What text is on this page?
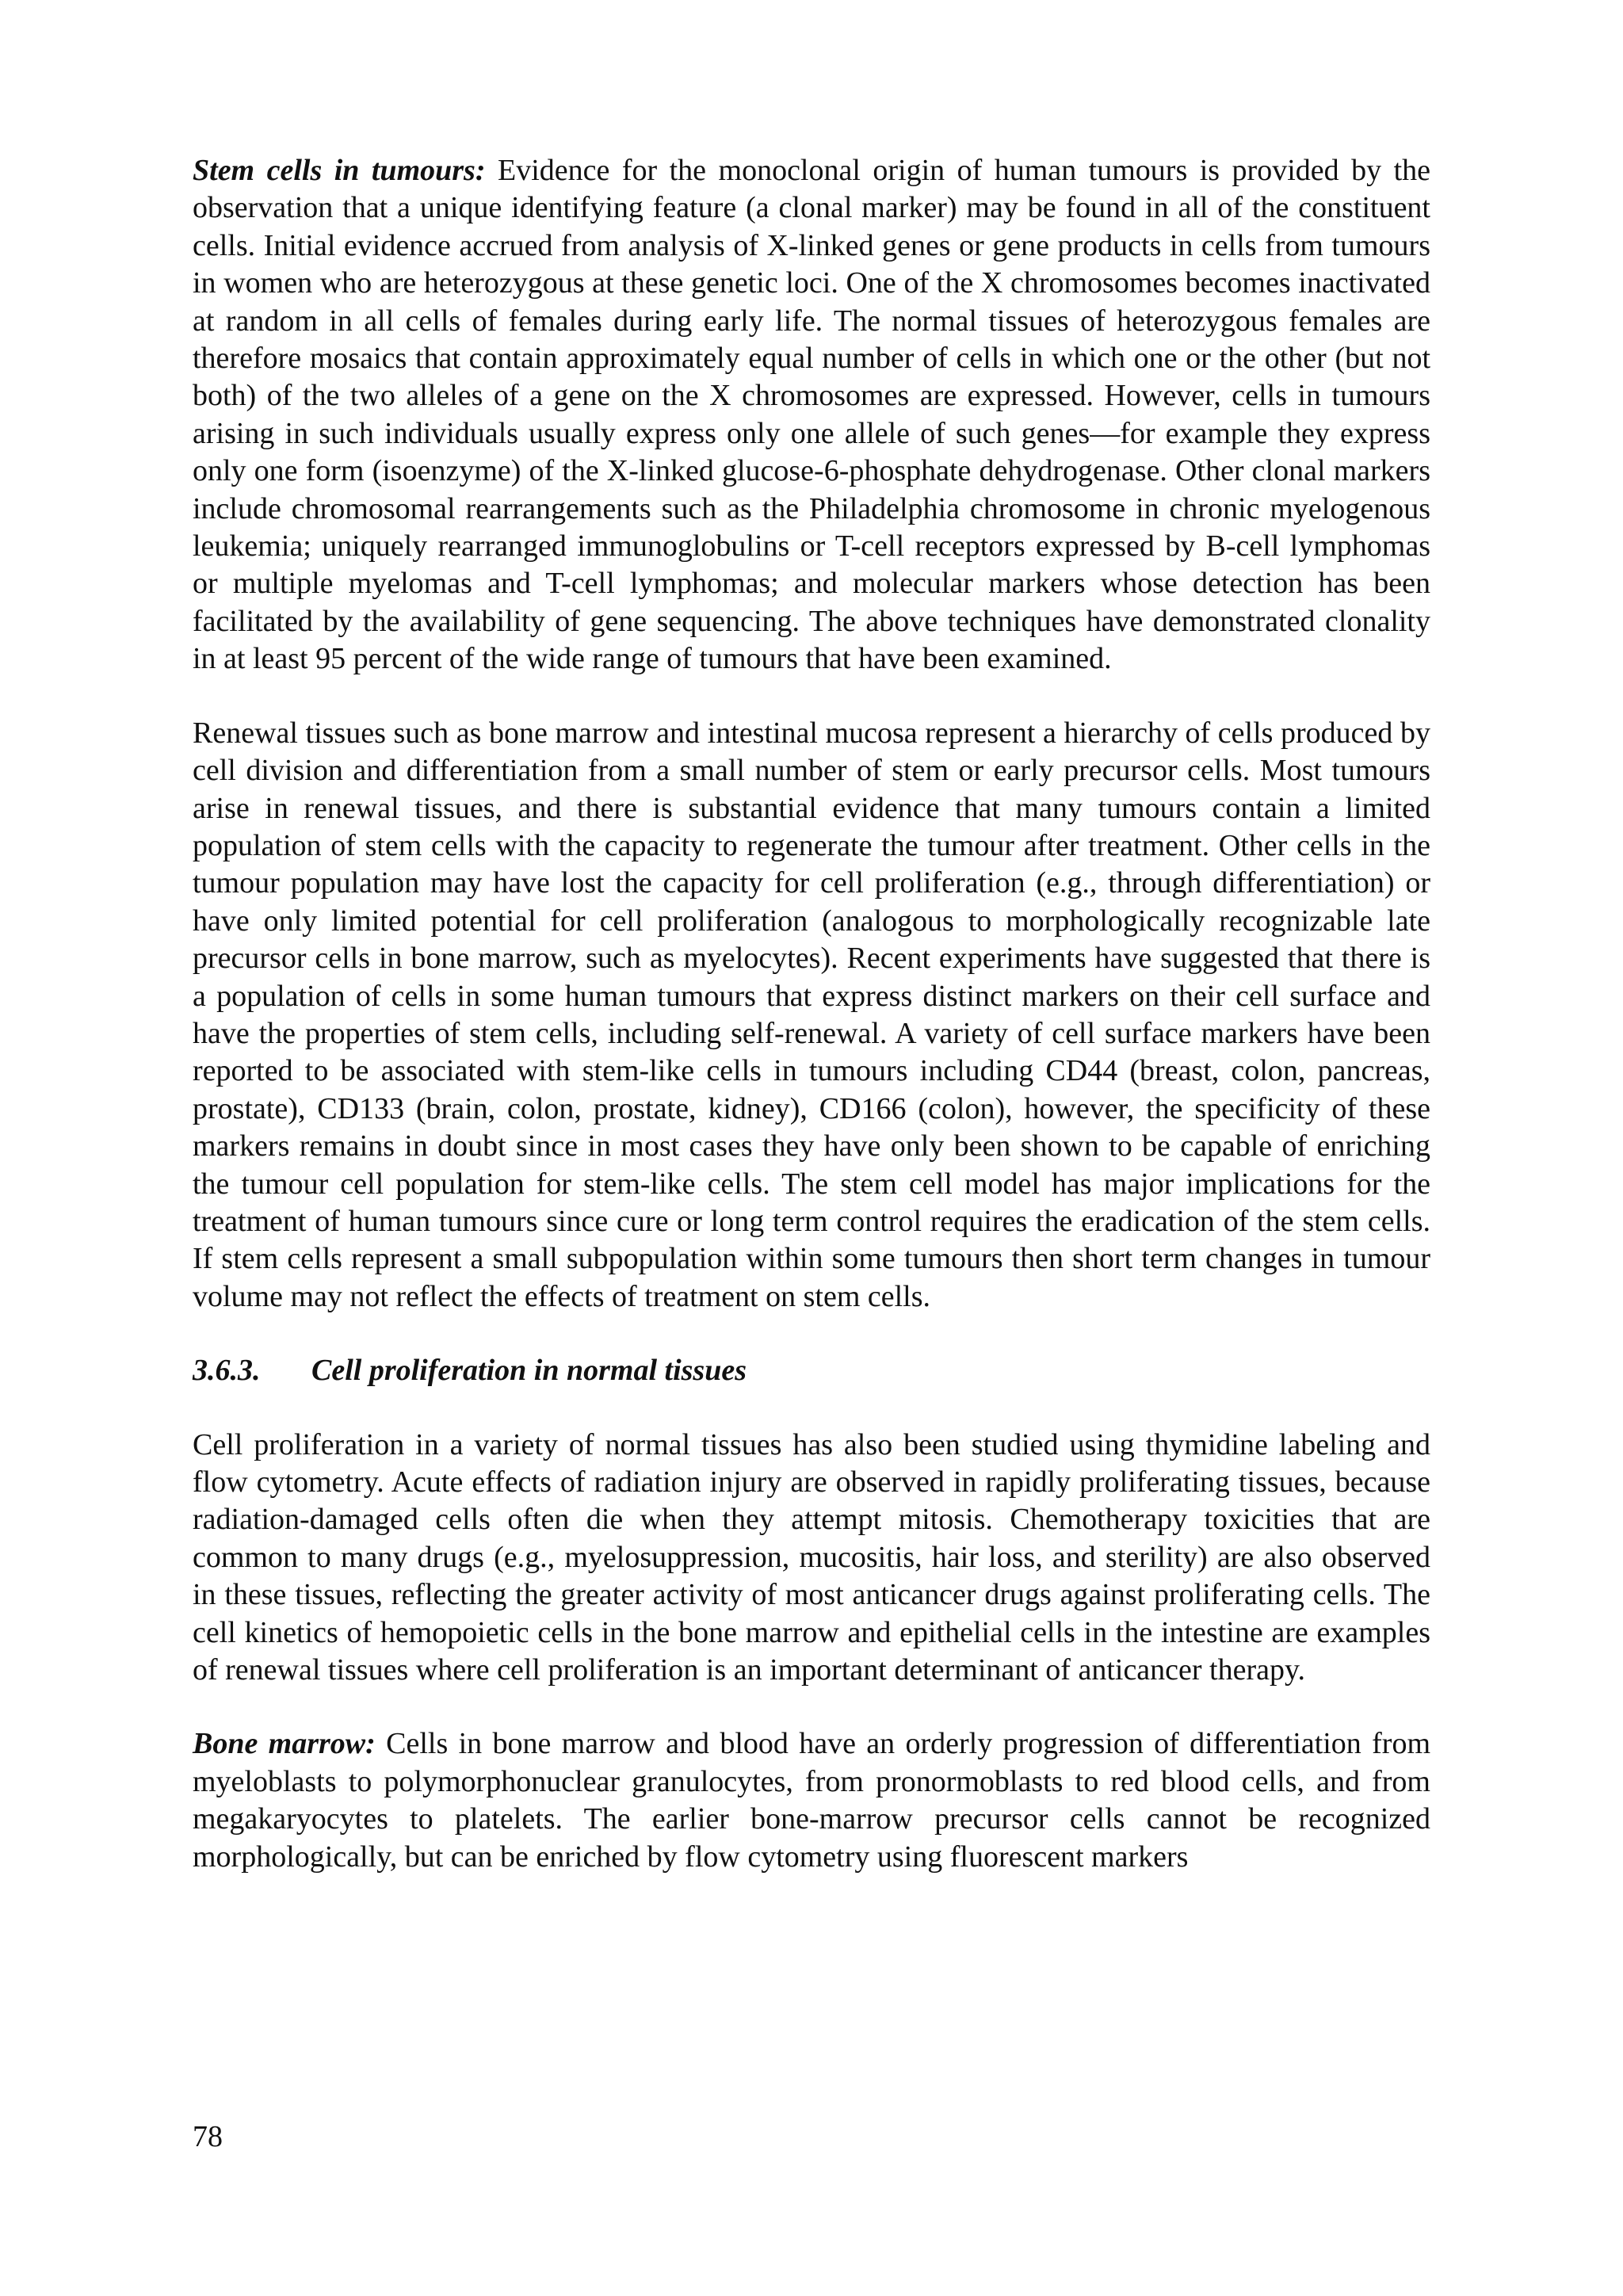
Stem cells in tumours: Evidence for the monoclonal origin of human tumours is provided by the observation that a unique identifying feature (a clonal marker) may be found in all of the constituent cells. Initial evidence accrued from analysis of X-linked genes or gene products in cells from tumours in women who are heterozygous at these genetic loci. One of the X chromosomes becomes inactivated at random in all cells of females during early life. The normal tissues of heterozygous females are therefore mosaics that contain approximately equal number of cells in which one or the other (but not both) of the two alleles of a gene on the X chromosomes are expressed. However, cells in tumours arising in such individuals usually express only one allele of such genes—for example they express only one form (isoenzyme) of the X-linked glucose-6-phosphate dehydrogenase. Other clonal markers include chromosomal rearrangements such as the Philadelphia chromosome in chronic myelogenous leukemia; uniquely rearranged immunoglobulins or T-cell receptors expressed by B-cell lymphomas or multiple myelomas and T-cell lymphomas; and molecular markers whose detection has been facilitated by the availability of gene sequencing. The above techniques have demonstrated clonality in at least 95 percent of the wide range of tumours that have been examined.

Renewal tissues such as bone marrow and intestinal mucosa represent a hierarchy of cells produced by cell division and differentiation from a small number of stem or early precursor cells. Most tumours arise in renewal tissues, and there is substantial evidence that many tumours contain a limited population of stem cells with the capacity to regenerate the tumour after treatment. Other cells in the tumour population may have lost the capacity for cell proliferation (e.g., through differentiation) or have only limited potential for cell proliferation (analogous to morphologically recognizable late precursor cells in bone marrow, such as myelocytes). Recent experiments have suggested that there is a population of cells in some human tumours that express distinct markers on their cell surface and have the properties of stem cells, including self-renewal. A variety of cell surface markers have been reported to be associated with stem-like cells in tumours including CD44 (breast, colon, pancreas, prostate), CD133 (brain, colon, prostate, kidney), CD166 (colon), however, the specificity of these markers remains in doubt since in most cases they have only been shown to be capable of enriching the tumour cell population for stem-like cells. The stem cell model has major implications for the treatment of human tumours since cure or long term control requires the eradication of the stem cells. If stem cells represent a small subpopulation within some tumours then short term changes in tumour volume may not reflect the effects of treatment on stem cells.

3.6.3. Cell proliferation in normal tissues

Cell proliferation in a variety of normal tissues has also been studied using thymidine labeling and flow cytometry. Acute effects of radiation injury are observed in rapidly proliferating tissues, because radiation-damaged cells often die when they attempt mitosis. Chemotherapy toxicities that are common to many drugs (e.g., myelosuppression, mucositis, hair loss, and sterility) are also observed in these tissues, reflecting the greater activity of most anticancer drugs against proliferating cells. The cell kinetics of hemopoietic cells in the bone marrow and epithelial cells in the intestine are examples of renewal tissues where cell proliferation is an important determinant of anticancer therapy.

Bone marrow: Cells in bone marrow and blood have an orderly progression of differentiation from myeloblasts to polymorphonuclear granulocytes, from pronormoblasts to red blood cells, and from megakaryocytes to platelets. The earlier bone-marrow precursor cells cannot be recognized morphologically, but can be enriched by flow cytometry using fluorescent markers

78
